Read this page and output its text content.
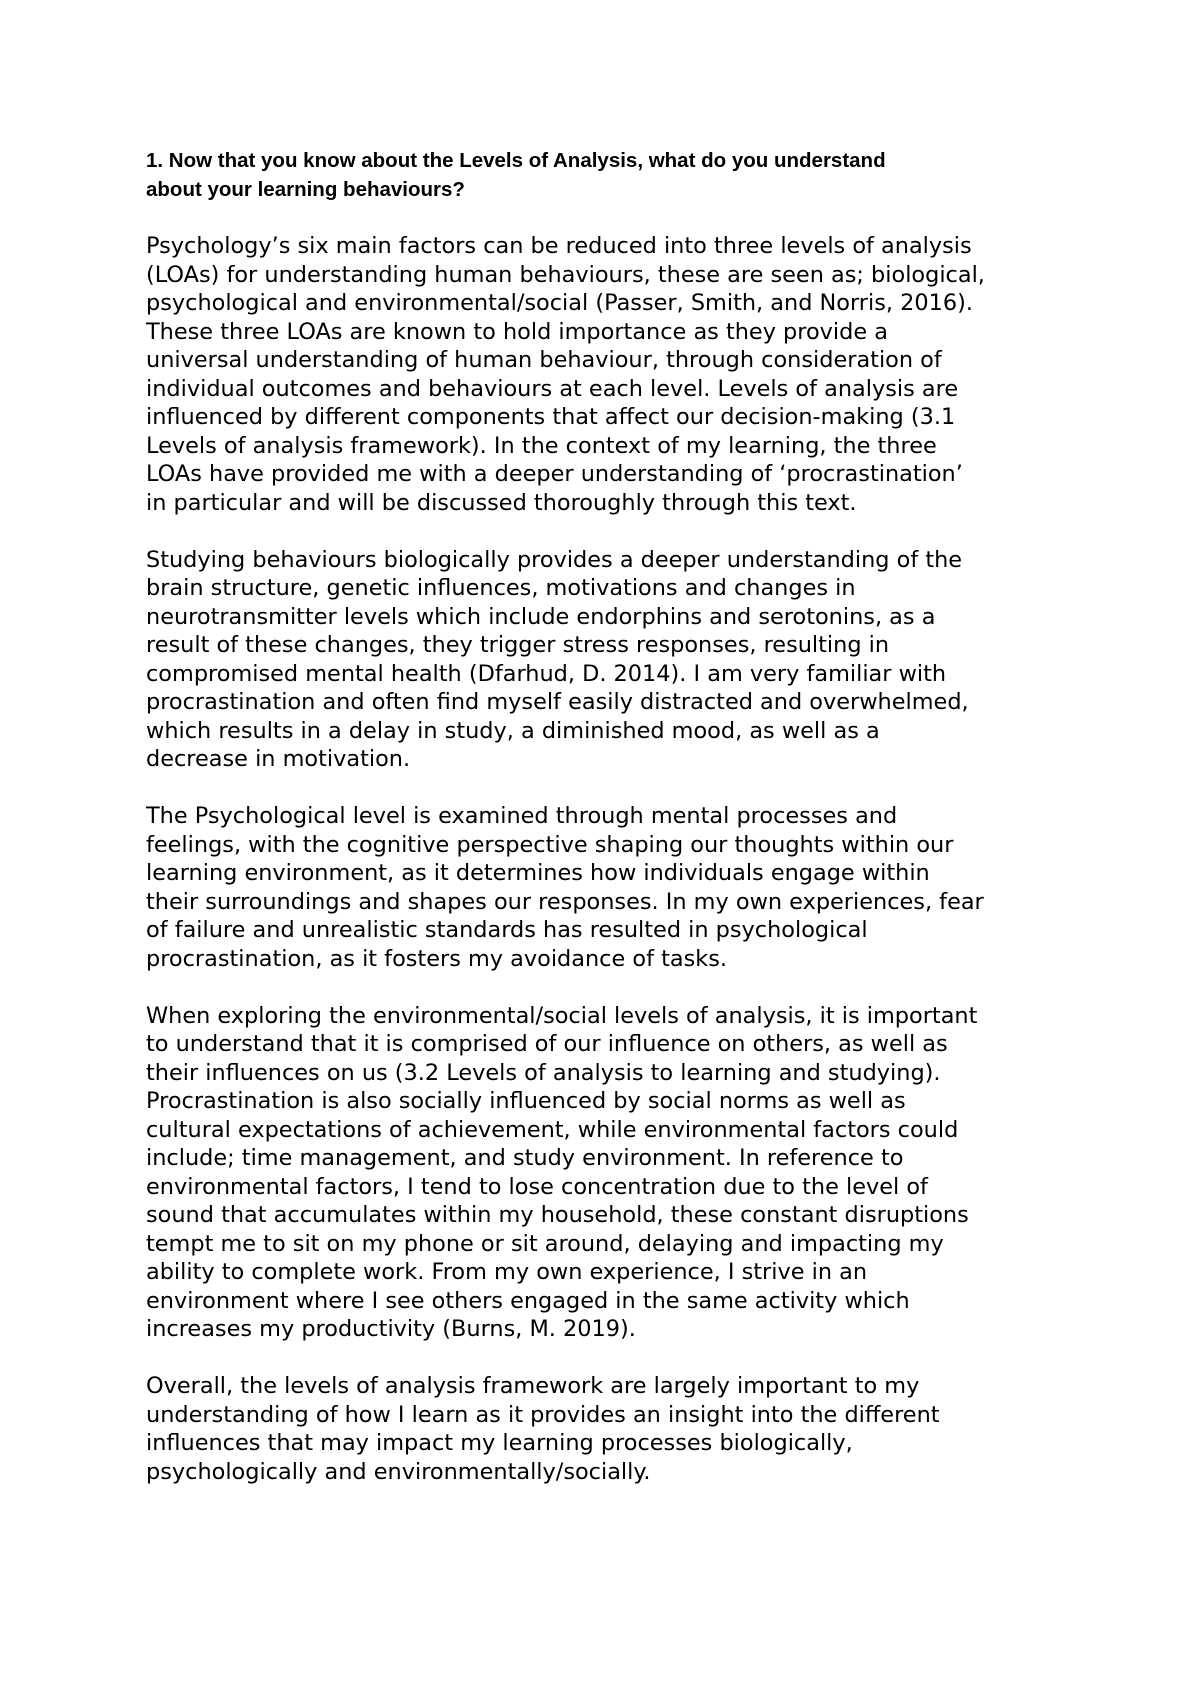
1. Now that you know about the Levels of Analysis, what do you understand
about your learning behaviours?

Psychology’s six main factors can be reduced into three levels of analysis
(LOAs) for understanding human behaviours, these are seen as; biological,
psychological and environmental/social (Passer, Smith, and Norris, 2016).
These three LOAs are known to hold importance as they provide a
universal understanding of human behaviour, through consideration of
individual outcomes and behaviours at each level. Levels of analysis are
influenced by different components that affect our decision-making (3.1
Levels of analysis framework). In the context of my learning, the three
LOAs have provided me with a deeper understanding of ‘procrastination’
in particular and will be discussed thoroughly through this text.

Studying behaviours biologically provides a deeper understanding of the
brain structure, genetic influences, motivations and changes in
neurotransmitter levels which include endorphins and serotonins, as a
result of these changes, they trigger stress responses, resulting in
compromised mental health (Dfarhud, D. 2014). I am very familiar with
procrastination and often find myself easily distracted and overwhelmed,
which results in a delay in study, a diminished mood, as well as a
decrease in motivation.

The Psychological level is examined through mental processes and
feelings, with the cognitive perspective shaping our thoughts within our
learning environment, as it determines how individuals engage within
their surroundings and shapes our responses. In my own experiences, fear
of failure and unrealistic standards has resulted in psychological
procrastination, as it fosters my avoidance of tasks.

When exploring the environmental/social levels of analysis, it is important
to understand that it is comprised of our influence on others, as well as
their influences on us (3.2 Levels of analysis to learning and studying).
Procrastination is also socially influenced by social norms as well as
cultural expectations of achievement, while environmental factors could
include; time management, and study environment. In reference to
environmental factors, I tend to lose concentration due to the level of
sound that accumulates within my household, these constant disruptions
tempt me to sit on my phone or sit around, delaying and impacting my
ability to complete work. From my own experience, I strive in an
environment where I see others engaged in the same activity which
increases my productivity (Burns, M. 2019).

Overall, the levels of analysis framework are largely important to my
understanding of how I learn as it provides an insight into the different
influences that may impact my learning processes biologically,
psychologically and environmentally/socially.
